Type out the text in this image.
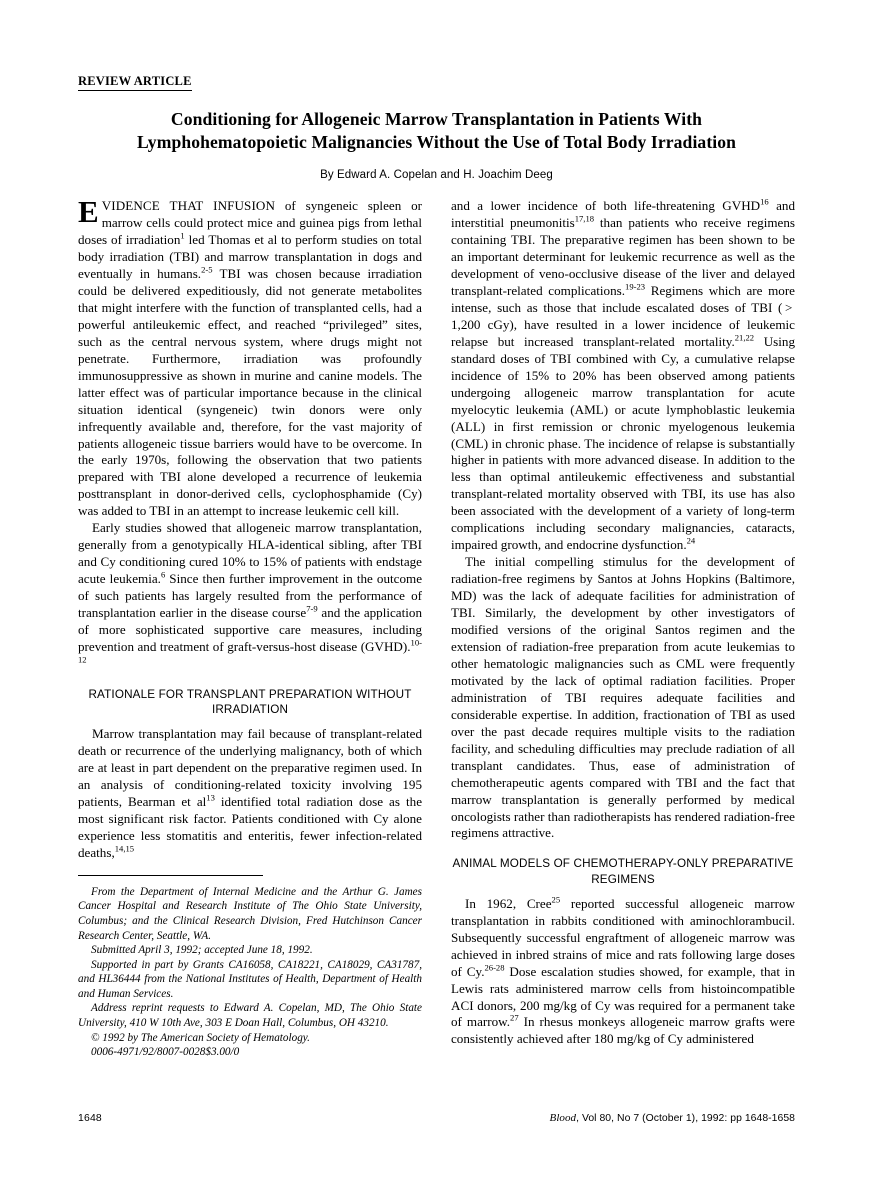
REVIEW ARTICLE
Conditioning for Allogeneic Marrow Transplantation in Patients With
Lymphohematopoietic Malignancies Without the Use of Total Body Irradiation
By Edward A. Copelan and H. Joachim Deeg

EVIDENCE THAT INFUSION of syngeneic spleen or marrow cells could protect mice and guinea pigs from lethal doses of irradiation$^1$ led Thomas et al to perform studies on total body irradiation (TBI) and marrow transplantation in dogs and eventually in humans.$^{2-5}$ TBI was chosen because irradiation could be delivered expeditiously, did not generate metabolites that might interfere with the function of transplanted cells, had a powerful antileukemic effect, and reached “privileged” sites, such as the central nervous system, where drugs might not penetrate. Furthermore, irradiation was profoundly immunosuppressive as shown in murine and canine models. The latter effect was of particular importance because in the clinical situation identical (syngeneic) twin donors were only infrequently available and, therefore, for the vast majority of patients allogeneic tissue barriers would have to be overcome. In the early 1970s, following the observation that two patients prepared with TBI alone developed a recurrence of leukemia posttransplant in donor-derived cells, cyclophosphamide (Cy) was added to TBI in an attempt to increase leukemic cell kill.

Early studies showed that allogeneic marrow transplantation, generally from a genotypically HLA-identical sibling, after TBI and Cy conditioning cured 10% to 15% of patients with endstage acute leukemia.$^6$ Since then further improvement in the outcome of such patients has largely resulted from the performance of transplantation earlier in the disease course$^{7-9}$ and the application of more sophisticated supportive care measures, including prevention and treatment of graft-versus-host disease (GVHD).$^{10-12}$

RATIONALE FOR TRANSPLANT PREPARATION WITHOUT IRRADIATION

Marrow transplantation may fail because of transplant-related death or recurrence of the underlying malignancy, both of which are at least in part dependent on the preparative regimen used. In an analysis of conditioning-related toxicity involving 195 patients, Bearman et $al^{13}$ identified total radiation dose as the most significant risk factor. Patients conditioned with Cy alone experience less stomatitis and enteritis, fewer infection-related deaths,$^{14,15}$

From the Department of Internal Medicine and the Arthur G. James Cancer Hospital and Research Institute of The Ohio State University, Columbus; and the Clinical Research Division, Fred Hutchinson Cancer Research Center, Seattle, WA.

Submitted April 3, 1992; accepted June 18, 1992.

Supported in part by Grants CA16058, CA18221, CA18029, CA31787, and HL36444 from the National Institutes of Health, Department of Health and Human Services.

Address reprint requests to Edward A. Copelan, MD, The Ohio State University, 410 W 10th Ave, 303 E Doan Hall, Columbus, OH 43210.

© 1992 by The American Society of Hematology.

0006-4971/92/8007-0028$3.00/0

and a lower incidence of both life-threatening GVHD$^{16}$ and interstitial pneumonitis$^{17,18}$ than patients who receive regimens containing TBI. The preparative regimen has been shown to be an important determinant for leukemic recurrence as well as the development of veno-occlusive disease of the liver and delayed transplant-related complications.$^{19-23}$ Regimens which are more intense, such as those that include escalated doses of TBI ( > 1,200 cGy), have resulted in a lower incidence of leukemic relapse but increased transplant-related mortality.$^{21,22}$ Using standard doses of TBI combined with Cy, a cumulative relapse incidence of 15% to 20% has been observed among patients undergoing allogeneic marrow transplantation for acute myelocytic leukemia (AML) or acute lymphoblastic leukemia (ALL) in first remission or chronic myelogenous leukemia (CML) in chronic phase. The incidence of relapse is substantially higher in patients with more advanced disease. In addition to the less than optimal antileukemic effectiveness and substantial transplant-related mortality observed with TBI, its use has also been associated with the development of a variety of long-term complications including secondary malignancies, cataracts, impaired growth, and endocrine dysfunction.$^{24}$

The initial compelling stimulus for the development of radiation-free regimens by Santos at Johns Hopkins (Baltimore, MD) was the lack of adequate facilities for administration of TBI. Similarly, the development by other investigators of modified versions of the original Santos regimen and the extension of radiation-free preparation from acute leukemias to other hematologic malignancies such as CML were frequently motivated by the lack of optimal radiation facilities. Proper administration of TBI requires adequate facilities and considerable expertise. In addition, fractionation of TBI as used over the past decade requires multiple visits to the radiation facility, and scheduling difficulties may preclude radiation of all transplant candidates. Thus, ease of administration of chemotherapeutic agents compared with TBI and the fact that marrow transplantation is generally performed by medical oncologists rather than radiotherapists has rendered radiation-free regimens attractive.

ANIMAL MODELS OF CHEMOTHERAPY-ONLY PREPARATIVE REGIMENS

In 1962, Cree$^{25}$ reported successful allogeneic marrow transplantation in rabbits conditioned with aminochlorambucil. Subsequently successful engraftment of allogeneic marrow was achieved in inbred strains of mice and rats following large doses of Cy.$^{26-28}$ Dose escalation studies showed, for example, that in Lewis rats administered marrow cells from histoincompatible ACI donors, 200 mg/kg of Cy was required for a permanent take of marrow.$^{27}$ In rhesus monkeys allogeneic marrow grafts were consistently achieved after 180 mg/kg of Cy administered

1648	Blood, Vol 80, No 7 (October 1), 1992: pp 1648-1658
